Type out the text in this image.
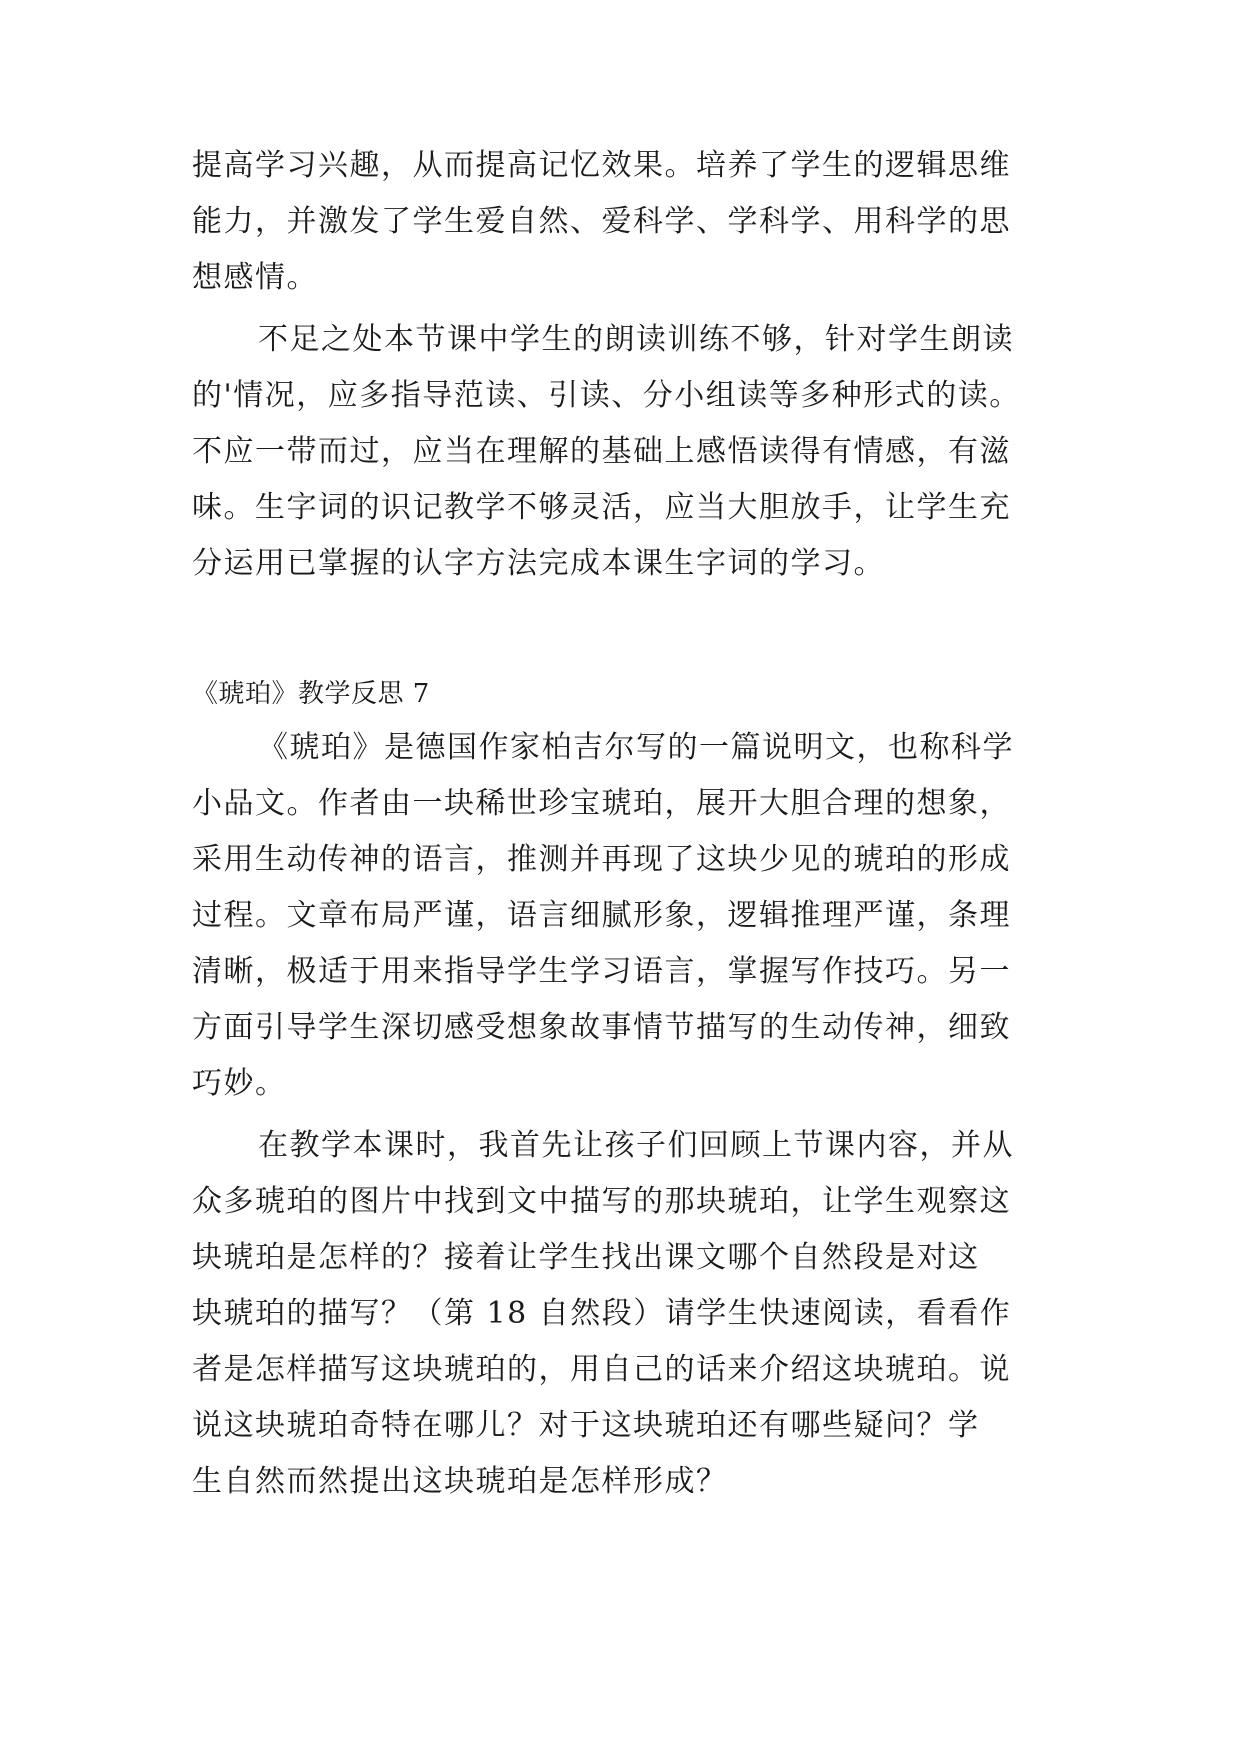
提高学习兴趣，从而提高记忆效果。培养了学生的逻辑思维
能力，并激发了学生爱自然、爱科学、学科学、用科学的思
想感情。
不足之处本节课中学生的朗读训练不够，针对学生朗读
的'情况，应多指导范读、引读、分小组读等多种形式的读。
不应一带而过，应当在理解的基础上感悟读得有情感，有滋
味。生字词的识记教学不够灵活，应当大胆放手，让学生充
分运用已掌握的认字方法完成本课生字词的学习。
《琥珀》教学反思 7
《琥珀》是德国作家柏吉尔写的一篇说明文，也称科学
小品文。作者由一块稀世珍宝琥珀，展开大胆合理的想象，
采用生动传神的语言，推测并再现了这块少见的琥珀的形成
过程。文章布局严谨，语言细腻形象，逻辑推理严谨，条理
清晰，极适于用来指导学生学习语言，掌握写作技巧。另一
方面引导学生深切感受想象故事情节描写的生动传神，细致
巧妙。
在教学本课时，我首先让孩子们回顾上节课内容，并从
众多琥珀的图片中找到文中描写的那块琥珀，让学生观察这
块琥珀是怎样的？接着让学生找出课文哪个自然段是对这
块琥珀的描写？（第 18 自然段）请学生快速阅读，看看作
者是怎样描写这块琥珀的，用自己的话来介绍这块琥珀。说
说这块琥珀奇特在哪儿？对于这块琥珀还有哪些疑问？学
生自然而然提出这块琥珀是怎样形成？
